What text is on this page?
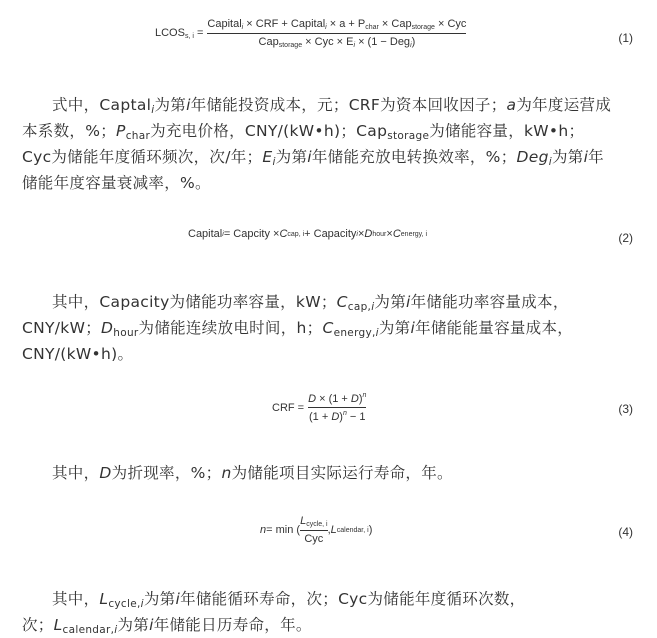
$LCOS_{s, i} = \frac{Capital_i \times CRF + Capital_i \times a + P_{char} \times Cap_{storage} \times Cyc}{Cap_{storage} \times Cyc \times E_i \times (1 - Deg_i)}$	(1)
式中，Captal$_i$为第i年储能投资成本，元；CRF为资本回收因子；a为年度运营成
本系数，%；$P_{char}$为充电价格，CNY/(kW•h)；Cap$_{storage}$为储能容量，kW•h；
Cyc为储能年度循环频次，次/年；$E_i$为第i年储能充放电转换效率，%；Deg$_i$为第i年
储能年度容量衰减率，%。
Capital i = Capcity × C cap, i + Capacity i × D hour × C energy, i	(2)
其中，Capacity为储能功率容量，kW；$C_{cap,i}$为第i年储能功率容量成本，
CNY/kW；$D_{hour}$为储能连续放电时间，h；$C_{energy,i}$为第i年储能能量容量成本，
CNY/(kW•h)。
CRF = $\frac{D \times (1 + D)^n}{(1 + D)^n - 1}$	(3)
其中，D为折现率，%；n为储能项目实际运行寿命，年。
n = min ( $\frac{L_{cycle, i}}{\text{Cyc}}$ , L calendar, i )	(4)
其中，$L_{cycle,i}$为第i年储能循环寿命，次；Cyc为储能年度循环次数，
次；$L_{calendar,i}$为第i年储能日历寿命，年。
